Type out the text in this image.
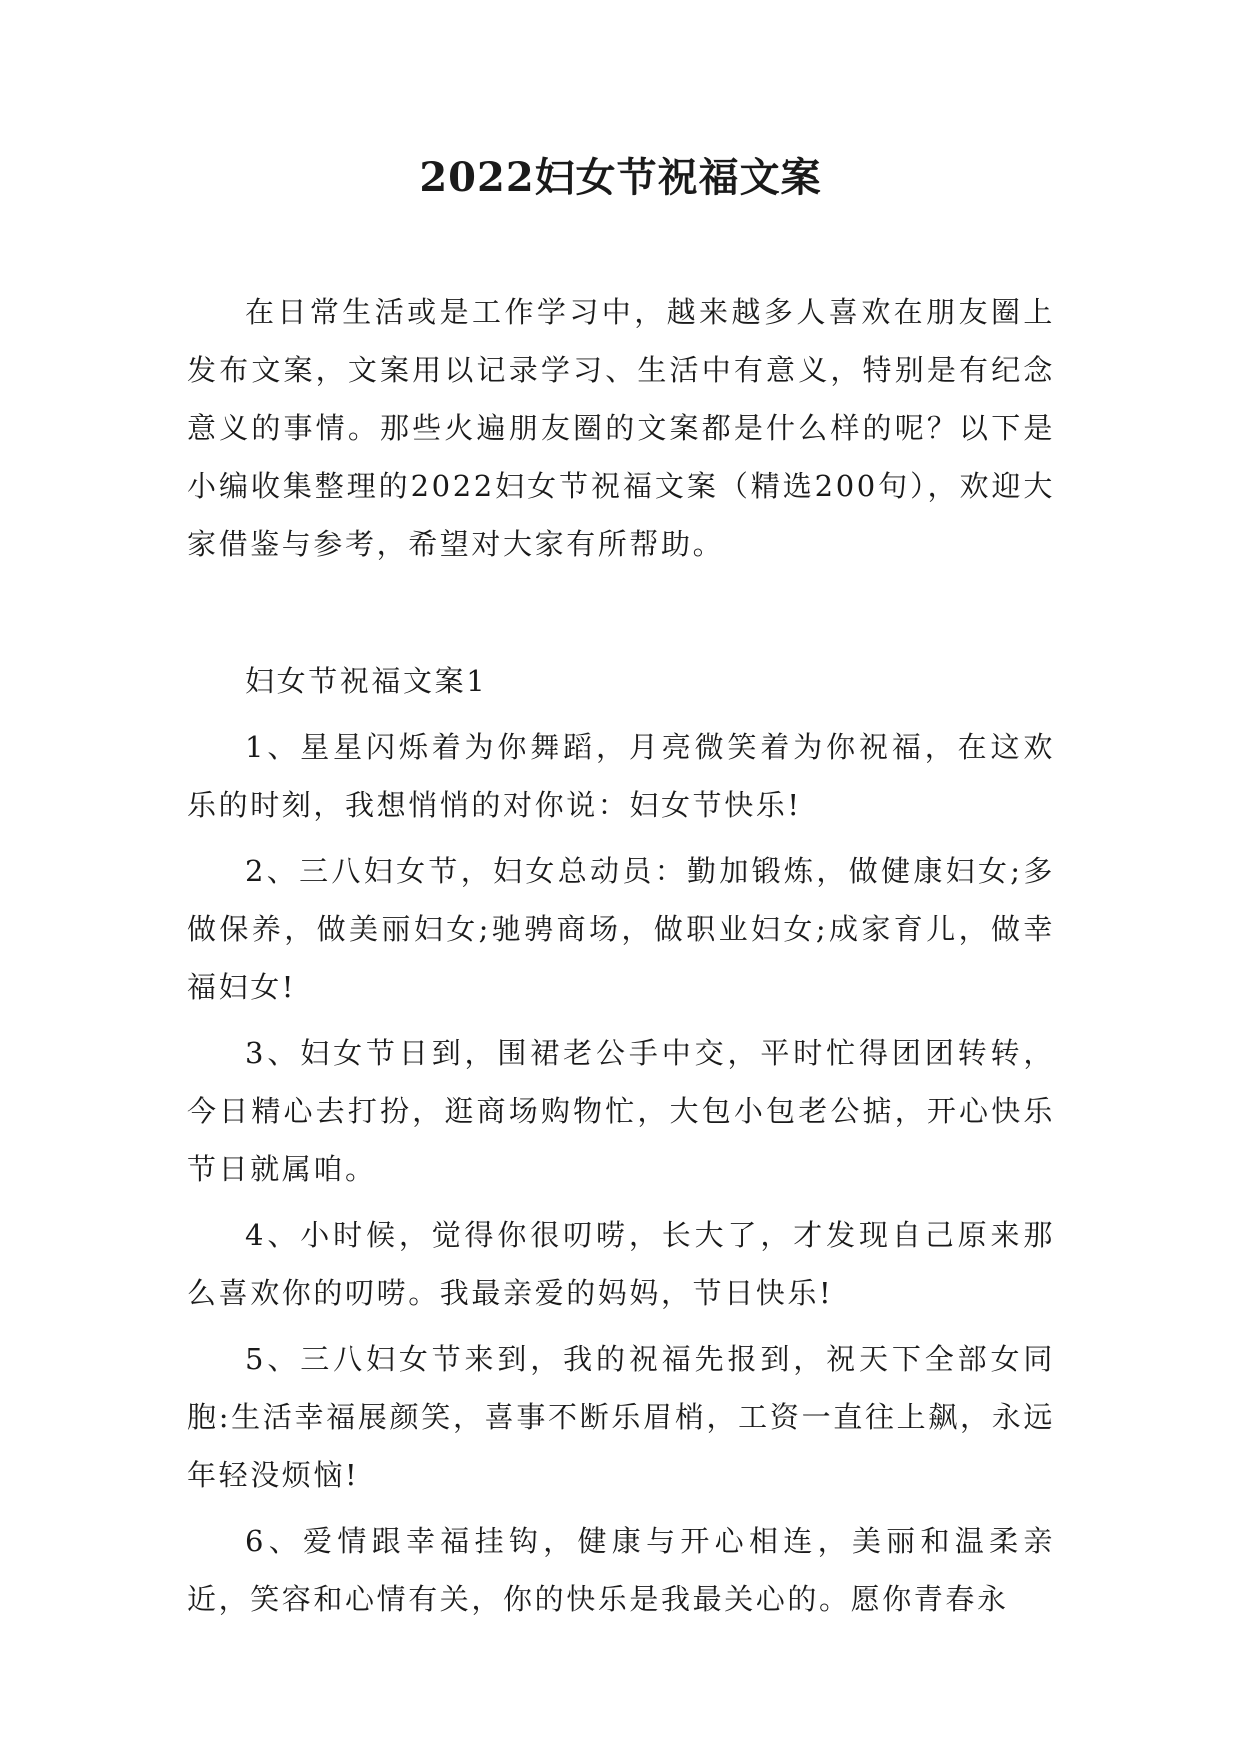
2022妇女节祝福文案

在日常生活或是工作学习中，越来越多人喜欢在朋友圈上发布文案，文案用以记录学习、生活中有意义，特别是有纪念意义的事情。那些火遍朋友圈的文案都是什么样的呢？以下是小编收集整理的2022妇女节祝福文案（精选200句），欢迎大家借鉴与参考，希望对大家有所帮助。

妇女节祝福文案1

1、星星闪烁着为你舞蹈，月亮微笑着为你祝福，在这欢乐的时刻，我想悄悄的对你说：妇女节快乐!

2、三八妇女节，妇女总动员：勤加锻炼，做健康妇女;多做保养，做美丽妇女;驰骋商场，做职业妇女;成家育儿，做幸福妇女!

3、妇女节日到，围裙老公手中交，平时忙得团团转转，今日精心去打扮，逛商场购物忙，大包小包老公掂，开心快乐节日就属咱。

4、小时候，觉得你很叨唠，长大了，才发现自己原来那么喜欢你的叨唠。我最亲爱的妈妈，节日快乐!

5、三八妇女节来到，我的祝福先报到，祝天下全部女同胞:生活幸福展颜笑，喜事不断乐眉梢，工资一直往上飙，永远年轻没烦恼!

6、爱情跟幸福挂钩，健康与开心相连，美丽和温柔亲近，笑容和心情有关，你的快乐是我最关心的。愿你青春永
